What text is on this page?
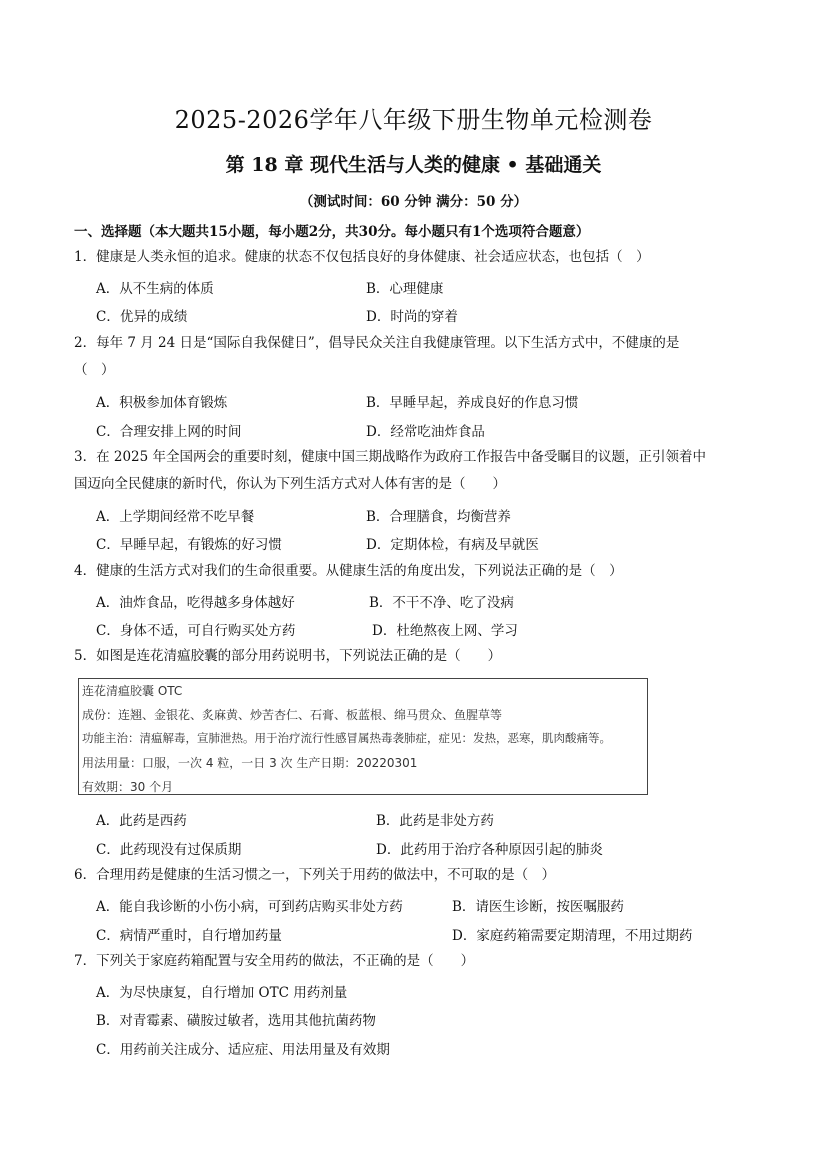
2025-2026学年八年级下册生物单元检测卷
第 18 章 现代生活与人类的健康 • 基础通关
（测试时间：60 分钟 满分：50 分）
一、选择题（本大题共15小题，每小题2分，共30分。每小题只有1个选项符合题意）
1．健康是人类永恒的追求。健康的状态不仅包括良好的身体健康、社会适应状态，也包括（　）
A．从不生病的体质	B．心理健康
C．优异的成绩	D．时尚的穿着
2．每年 7 月 24 日是“国际自我保健日”，倡导民众关注自我健康管理。以下生活方式中，不健康的是
（　）
A．积极参加体育锻炼	B．早睡早起，养成良好的作息习惯
C．合理安排上网的时间	D．经常吃油炸食品
3．在 2025 年全国两会的重要时刻，健康中国三期战略作为政府工作报告中备受瞩目的议题，正引领着中
国迈向全民健康的新时代，你认为下列生活方式对人体有害的是（　　）
A．上学期间经常不吃早餐	B．合理膳食，均衡营养
C．早睡早起，有锻炼的好习惯	D．定期体检，有病及早就医
4．健康的生活方式对我们的生命很重要。从健康生活的角度出发，下列说法正确的是（　）
A．油炸食品，吃得越多身体越好	B．不干不净、吃了没病
C．身体不适，可自行购买处方药	D．杜绝熬夜上网、学习
5．如图是连花清瘟胶囊的部分用药说明书，下列说法正确的是（　　）
连花清瘟胶囊 OTC
成份：连翘、金银花、炙麻黄、炒苦杏仁、石膏、板蓝根、绵马贯众、鱼腥草等
功能主治：清瘟解毒，宣肺泄热。用于治疗流行性感冒属热毒袭肺症，症见：发热，恶寒，肌肉酸痛等。
用法用量：口服，一次 4 粒，一日 3 次 生产日期：20220301
有效期：30 个月
A．此药是西药	B．此药是非处方药
C．此药现没有过保质期	D．此药用于治疗各种原因引起的肺炎
6．合理用药是健康的生活习惯之一，下列关于用药的做法中，不可取的是（　）
A．能自我诊断的小伤小病，可到药店购买非处方药	B．请医生诊断，按医嘱服药
C．病情严重时，自行增加药量	D．家庭药箱需要定期清理，不用过期药
7．下列关于家庭药箱配置与安全用药的做法，不正确的是（　　）
A．为尽快康复，自行增加 OTC 用药剂量
B．对青霉素、磺胺过敏者，选用其他抗菌药物
C．用药前关注成分、适应症、用法用量及有效期
